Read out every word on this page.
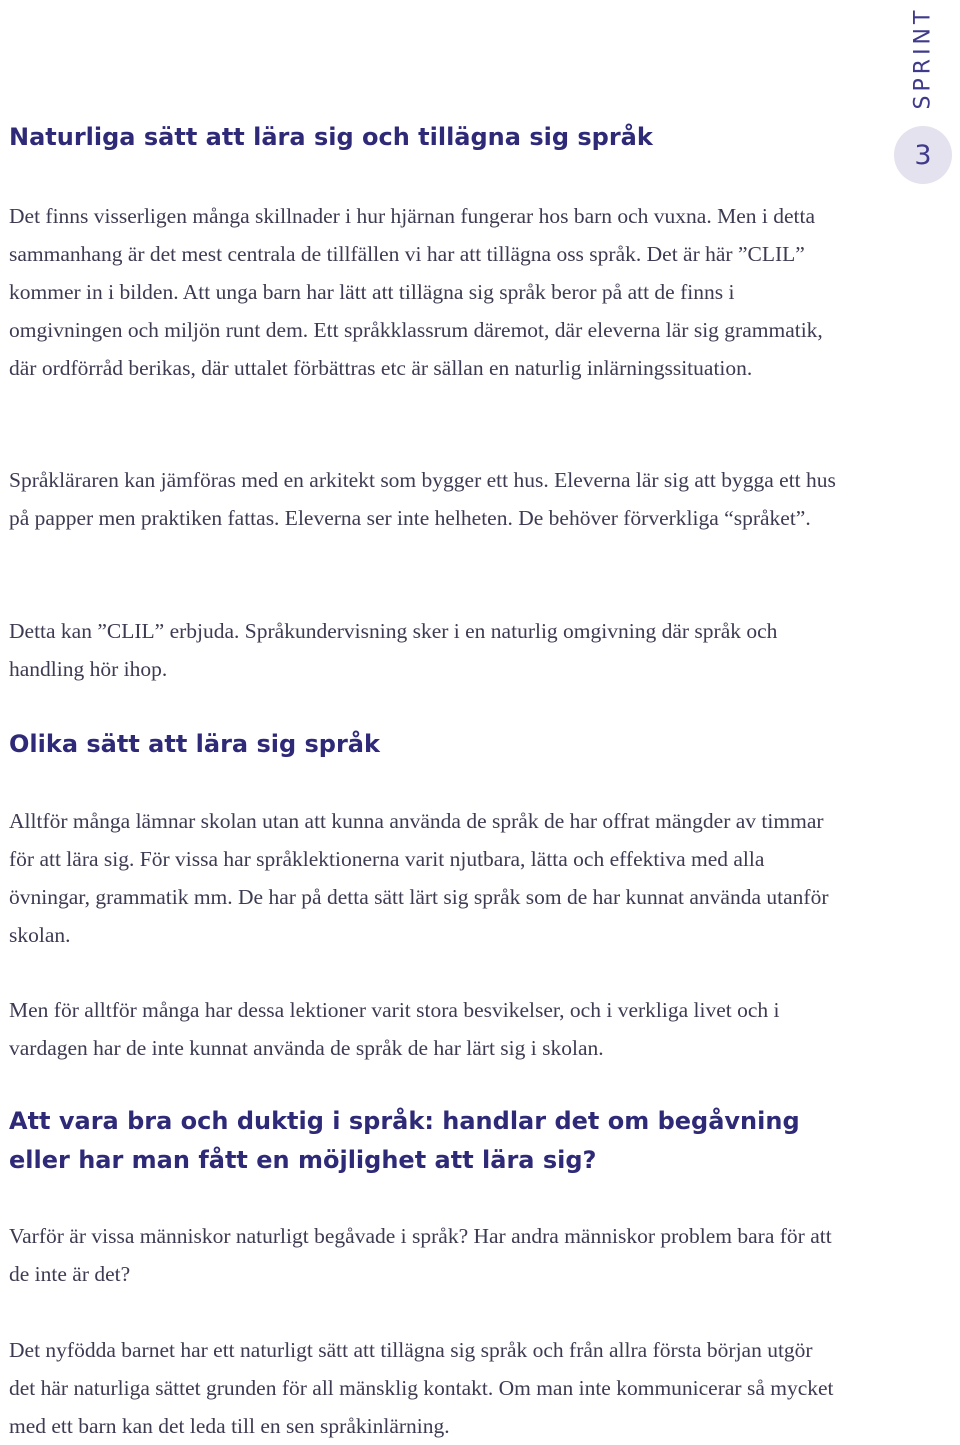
SPRINT
3
Naturliga sätt att lära sig och tillägna sig språk

Det finns visserligen många skillnader i hur hjärnan fungerar hos barn och vuxna. Men i detta sammanhang är det mest centrala de tillfällen vi har att tillägna oss språk. Det är här ”CLIL” kommer in i bilden. Att unga barn har lätt att tillägna sig språk beror på att de finns i omgivningen och miljön runt dem. Ett språkklassrum däremot, där eleverna lär sig grammatik, där ordförråd berikas, där uttalet förbättras etc är sällan en naturlig inlärningssituation.

Språkläraren kan jämföras med en arkitekt som bygger ett hus. Eleverna lär sig att bygga ett hus på papper men praktiken fattas. Eleverna ser inte helheten. De behöver förverkliga “språket”.

Detta kan ”CLIL” erbjuda. Språkundervisning sker i en naturlig omgivning där språk och handling hör ihop.

Olika sätt att lära sig språk

Alltför många lämnar skolan utan att kunna använda de språk de har offrat mängder av timmar för att lära sig. För vissa har språklektionerna varit njutbara, lätta och effektiva med alla övningar, grammatik mm. De har på detta sätt lärt sig språk som de har kunnat använda utanför skolan.

Men för alltför många har dessa lektioner varit stora besvikelser, och i verkliga livet och i vardagen har de inte kunnat använda de språk de har lärt sig i skolan.

Att vara bra och duktig i språk: handlar det om begåvning eller har man fått en möjlighet att lära sig?

Varför är vissa människor naturligt begåvade i språk? Har andra människor problem bara för att de inte är det?

Det nyfödda barnet har ett naturligt sätt att tillägna sig språk och från allra första början utgör det här naturliga sättet grunden för all mänsklig kontakt. Om man inte kommunicerar så mycket med ett barn kan det leda till en sen språkinlärning.
